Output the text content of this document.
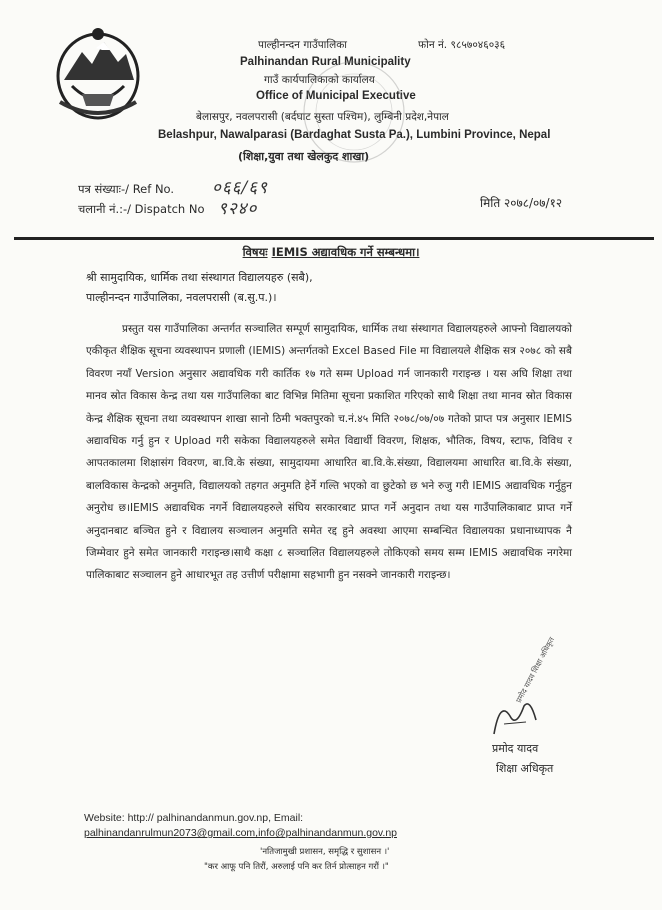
पाल्हीनन्दन गाउँपालिका	फोन नं. ९८५७०४६०३६
Palhinandan Rural Municipality
गाउँ कार्यपालिकाको कार्यालय
Office of Municipal Executive
बेलासपुर, नवलपरासी (बर्दघाट सुस्ता पश्चिम), लुम्बिनी प्रदेश,नेपाल
Belashpur, Nawalparasi (Bardaghat Susta Pa.), Lumbini Province, Nepal
(शिक्षा,युवा तथा खेलकुद शाखा)
पत्र संख्याः-/ Ref No. ०६६/६९
चलानी नं.:-/ Dispatch No ९२४०	मिति २०७८/०७/१२
विषयः IEMIS अद्यावधिक गर्ने सम्बन्धमा।
श्री सामुदायिक, धार्मिक तथा संस्थागत विद्यालयहरु (सबै),
पाल्हीनन्दन गाउँपालिका, नवलपरासी (ब.सु.प.)।
प्रस्तुत यस गाउँपालिका अन्तर्गत सञ्चालित सम्पूर्ण सामुदायिक, धार्मिक तथा संस्थागत विद्यालयहरुले आफ्नो विद्यालयको एकीकृत शैक्षिक सूचना व्यवस्थापन प्रणाली (IEMIS) अन्तर्गतको Excel Based File मा विद्यालयले शैक्षिक सत्र २०७८ को सबै विवरण नयाँ Version अनुसार अद्यावधिक गरी कार्तिक १७ गते सम्म Upload गर्न जानकारी गराइन्छ । यस अघि शिक्षा तथा मानव स्रोत विकास केन्द्र तथा यस गाउँपालिका बाट विभिन्न मितिमा सूचना प्रकाशित गरिएको साथै शिक्षा तथा मानव स्रोत विकास केन्द्र शैक्षिक सूचना तथा व्यवस्थापन शाखा सानो ठिमी भक्तपुरको च.नं.४५ मिति २०७८/०७/०७ गतेको प्राप्त पत्र अनुसार IEMIS अद्यावधिक गर्नु हुन र Upload गरी सकेका विद्यालयहरुले समेत विद्यार्थी विवरण, शिक्षक, भौतिक, विषय, स्टाफ, विविध र आपतकालमा शिक्षासंग विवरण, बा.वि.के संख्या, सामुदायमा आधारित बा.वि.के.संख्या, विद्यालयमा आधारित बा.वि.के संख्या, बालविकास केन्द्रको अनुमति, विद्यालयको तहगत अनुमति हेर्ने गल्ति भएको वा छुटेको छ भने रुजु गरी IEMIS अद्यावधिक गर्नुहुन अनुरोध छ।IEMIS अद्यावधिक नगर्ने विद्यालयहरुले संघिय सरकारबाट प्राप्त गर्ने अनुदान तथा यस गाउँपालिकाबाट प्राप्त गर्ने अनुदानबाट बञ्चित हुने र विद्यालय सञ्चालन अनुमति समेत रद्द हुने अवस्था आएमा सम्बन्धित विद्यालयका प्रधानाध्यापक नै जिम्मेवार हुने समेत जानकारी गराइन्छ।साथै कक्षा ८ सञ्चालित विद्यालयहरुले तोकिएको समय सम्म IEMIS अद्यावधिक नगरेमा पालिकाबाट सञ्चालन हुने आधारभूत तह उत्तीर्ण परीक्षामा सहभागी हुन नसक्ने जानकारी गराइन्छ।
प्रमोद यादव शिक्षा अधिकृत
प्रमोद यादव
शिक्षा अधिकृत
Website: http:// palhinandanmun.gov.np, Email:
palhinandanrulmun2073@gmail.com,info@palhinandanmun.gov.np
'नतिजामुखी प्रशासन, समृद्धि र सुशासन ।'
"कर आफू पनि तिरौं, अरुलाई पनि कर तिर्न प्रोत्साहन गरौं ।"
